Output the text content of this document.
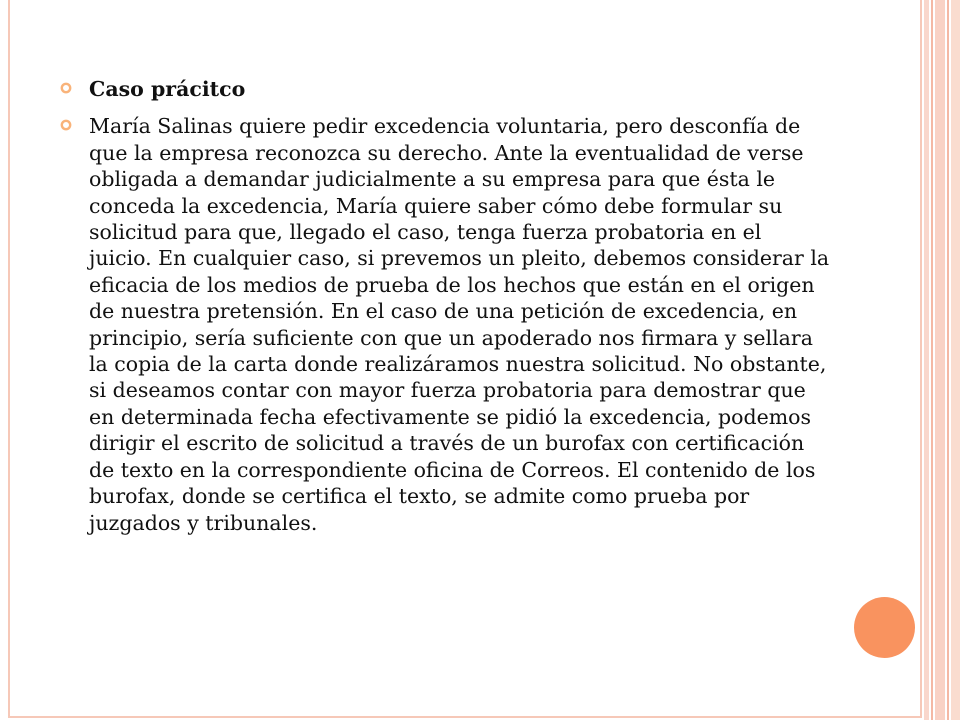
Caso prácitco
María Salinas quiere pedir excedencia voluntaria, pero desconfía de que la empresa reconozca su derecho. Ante la eventualidad de verse obligada a demandar judicialmente a su empresa para que ésta le conceda la excedencia, María quiere saber cómo debe formular su solicitud para que, llegado el caso, tenga fuerza probatoria en el juicio. En cualquier caso, si prevemos un pleito, debemos considerar la eficacia de los medios de prueba de los hechos que están en el origen de nuestra pretensión. En el caso de una petición de excedencia, en principio, sería suficiente con que un apoderado nos firmara y sellara la copia de la carta donde realizáramos nuestra solicitud. No obstante, si deseamos contar con mayor fuerza probatoria para demostrar que en determinada fecha efectivamente se pidió la excedencia, podemos dirigir el escrito de solicitud a través de un burofax con certificación de texto en la correspondiente oficina de Correos. El contenido de los burofax, donde se certifica el texto, se admite como prueba por juzgados y tribunales.
